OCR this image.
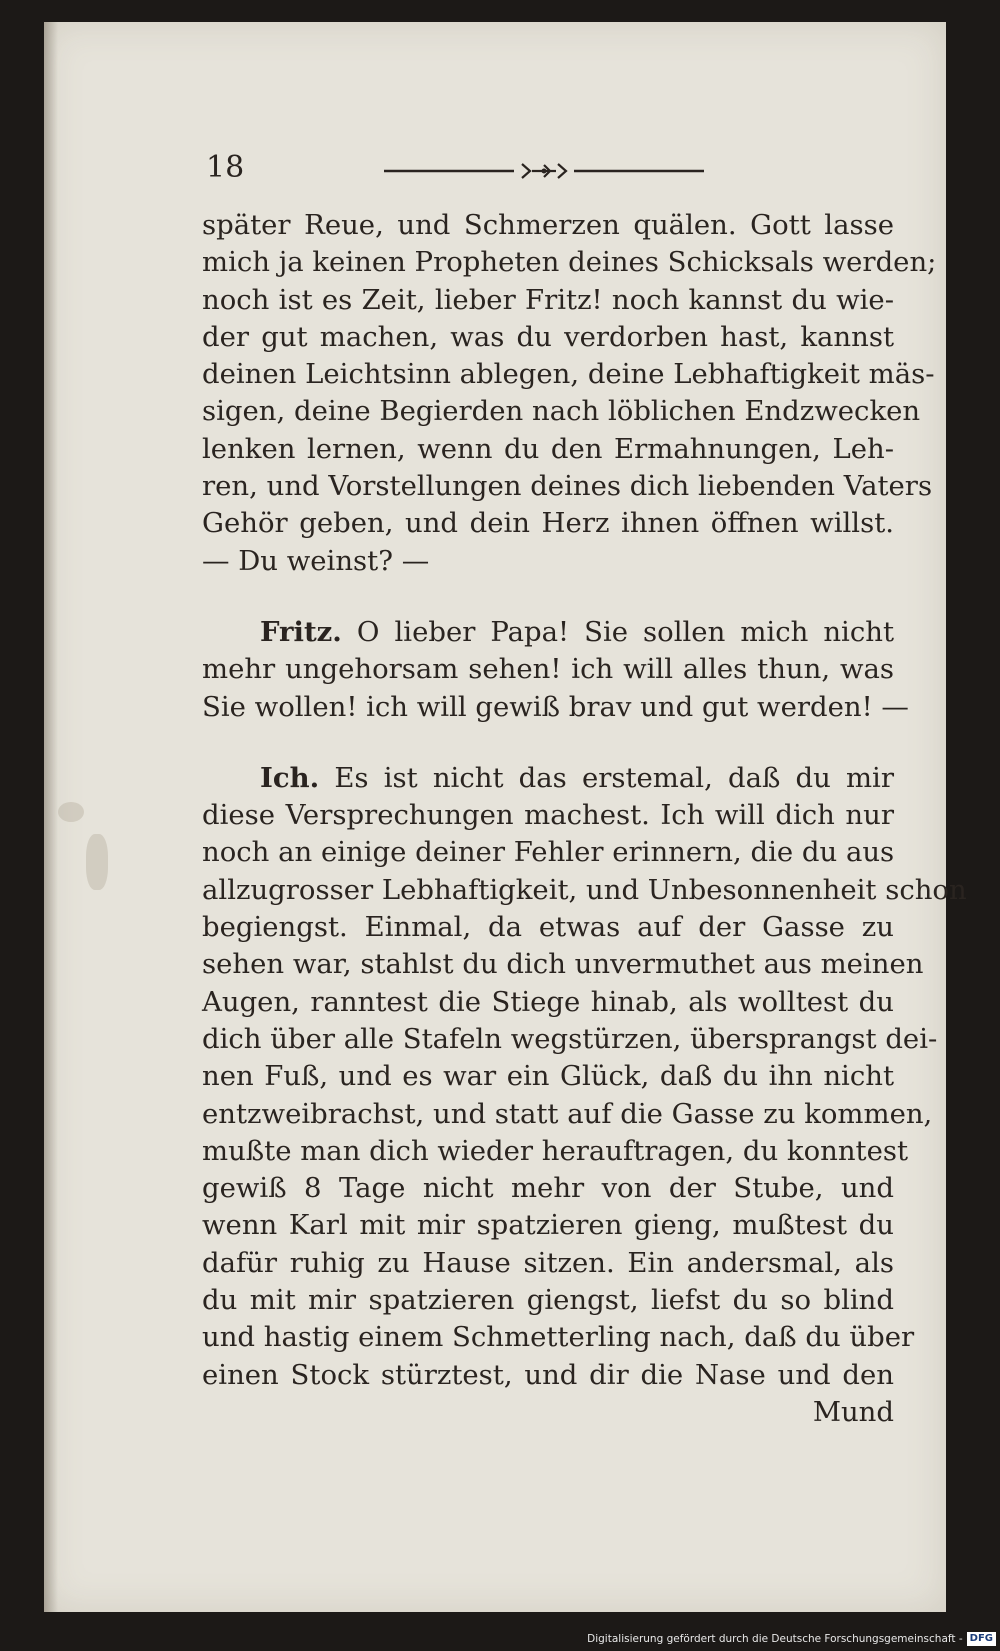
18
später Reue, und Schmerzen quälen. Gott lasse
mich ja keinen Propheten deines Schicksals werden;
noch ist es Zeit, lieber Fritz! noch kannst du wie-
der gut machen, was du verdorben hast, kannst
deinen Leichtsinn ablegen, deine Lebhaftigkeit mäs-
sigen, deine Begierden nach löblichen Endzwecken
lenken lernen, wenn du den Ermahnungen, Leh-
ren, und Vorstellungen deines dich liebenden Vaters
Gehör geben, und dein Herz ihnen öffnen willst.
— Du weinst? —
Fritz. O lieber Papa! Sie sollen mich nicht
mehr ungehorsam sehen! ich will alles thun, was
Sie wollen! ich will gewiß brav und gut werden! —
Ich. Es ist nicht das erstemal, daß du mir
diese Versprechungen machest. Ich will dich nur
noch an einige deiner Fehler erinnern, die du aus
allzugrosser Lebhaftigkeit, und Unbesonnenheit schon
begiengst. Einmal, da etwas auf der Gasse zu
sehen war, stahlst du dich unvermuthet aus meinen
Augen, ranntest die Stiege hinab, als wolltest du
dich über alle Stafeln wegstürzen, übersprangst dei-
nen Fuß, und es war ein Glück, daß du ihn nicht
entzweibrachst, und statt auf die Gasse zu kommen,
mußte man dich wieder herauftragen, du konntest
gewiß 8 Tage nicht mehr von der Stube, und
wenn Karl mit mir spatzieren gieng, mußtest du
dafür ruhig zu Hause sitzen. Ein andersmal, als
du mit mir spatzieren giengst, liefst du so blind
und hastig einem Schmetterling nach, daß du über
einen Stock stürztest, und dir die Nase und den
Mund
Digitalisierung gefördert durch die Deutsche Forschungsgemeinschaft - DFG
